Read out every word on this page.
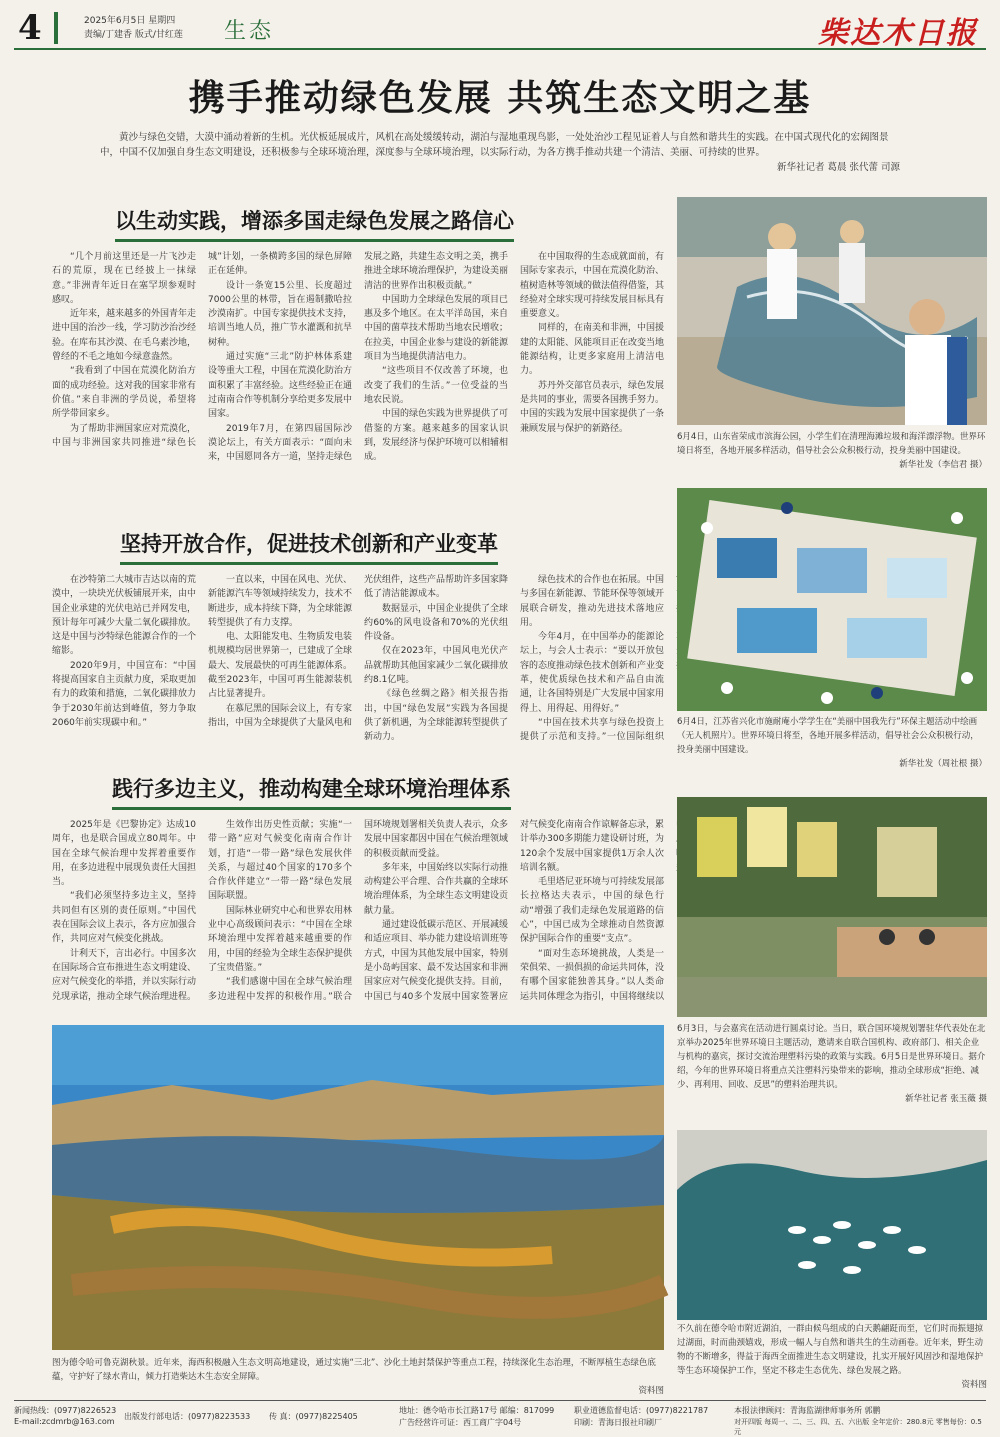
4	2025年6月5日 星期四
责编/丁建香 版式/甘红莲 生态	柴达木日报
携手推动绿色发展 共筑生态文明之基
黄沙与绿色交错，大漠中涌动着新的生机。光伏板延展成片，风机在高处缓缓转动，湖泊与湿地重现鸟影，一处处治沙工程见证着人与自然和谐共生的实践。在中国式现代化的宏阔图景中，中国不仅加强自身生态文明建设，还积极参与全球环境治理，深度参与全球环境治理，以实际行动，为各方携手推动共建一个清洁、美丽、可持续的世界。
新华社记者 葛晨 张代蕾 司源
以生动实践，增添多国走绿色发展之路信心

“几个月前这里还是一片飞沙走石的荒原，现在已经披上一抹绿意。”非洲青年近日在塞罕坝参观时感叹。

近年来，越来越多的外国青年走进中国的治沙一线，学习防沙治沙经验。在库布其沙漠、在毛乌素沙地，曾经的不毛之地如今绿意盎然。

“我看到了中国在荒漠化防治方面的成功经验。这对我的国家非常有价值。”来自非洲的学员说，希望将所学带回家乡。

为了帮助非洲国家应对荒漠化，中国与非洲国家共同推进“绿色长城”计划，一条横跨多国的绿色屏障正在延伸。

设计一条宽15公里、长度超过7000公里的林带，旨在遏制撒哈拉沙漠南扩。中国专家提供技术支持，培训当地人员，推广节水灌溉和抗旱树种。

通过实施“三北”防护林体系建设等重大工程，中国在荒漠化防治方面积累了丰富经验。这些经验正在通过南南合作等机制分享给更多发展中国家。

2019年7月，在第四届国际沙漠论坛上，有关方面表示：“面向未来，中国愿同各方一道，坚持走绿色发展之路，共建生态文明之美，携手推进全球环境治理保护，为建设美丽清洁的世界作出积极贡献。”

中国助力全球绿色发展的项目已惠及多个地区。在太平洋岛国，来自中国的菌草技术帮助当地农民增收；在拉美，中国企业参与建设的新能源项目为当地提供清洁电力。

“这些项目不仅改善了环境，也改变了我们的生活。”一位受益的当地农民说。

中国的绿色实践为世界提供了可借鉴的方案。越来越多的国家认识到，发展经济与保护环境可以相辅相成。

在中国取得的生态成就面前，有国际专家表示，中国在荒漠化防治、植树造林等领域的做法值得借鉴，其经验对全球实现可持续发展目标具有重要意义。

同样的，在南美和非洲，中国援建的太阳能、风能项目正在改变当地能源结构，让更多家庭用上清洁电力。

苏丹外交部官员表示，绿色发展是共同的事业，需要各国携手努力。中国的实践为发展中国家提供了一条兼顾发展与保护的新路径。

坚持开放合作，促进技术创新和产业变革

在沙特第二大城市吉达以南的荒漠中，一块块光伏板铺展开来，由中国企业承建的光伏电站已并网发电，预计每年可减少大量二氧化碳排放。这是中国与沙特绿色能源合作的一个缩影。

2020年9月，中国宣布：“中国将提高国家自主贡献力度，采取更加有力的政策和措施，二氧化碳排放力争于2030年前达到峰值，努力争取2060年前实现碳中和。”

一直以来，中国在风电、光伏、新能源汽车等领域持续发力，技术不断进步，成本持续下降，为全球能源转型提供了有力支撑。

电、太阳能发电、生物质发电装机规模均居世界第一，已建成了全球最大、发展最快的可再生能源体系。截至2023年，中国可再生能源装机占比显著提升。

在慕尼黑的国际会议上，有专家指出，中国为全球提供了大量风电和光伏组件，这些产品帮助许多国家降低了清洁能源成本。

数据显示，中国企业提供了全球约60%的风电设备和70%的光伏组件设备。

仅在2023年，中国风电光伏产品就帮助其他国家减少二氧化碳排放约8.1亿吨。

《绿色丝绸之路》相关报告指出，中国“绿色发展”实践为各国提供了新机遇，为全球能源转型提供了新动力。

绿色技术的合作也在拓展。中国与多国在新能源、节能环保等领域开展联合研发，推动先进技术落地应用。

今年4月，在中国举办的能源论坛上，与会人士表示：“要以开放包容的态度推动绿色技术创新和产业变革，使优质绿色技术和产品自由流通，让各国特别是广大发展中国家用得上、用得起、用得好。”

“中国在技术共享与绿色投资上提供了示范和支持。”一位国际组织

践行多边主义，推动构建全球环境治理体系

2025年是《巴黎协定》达成10周年，也是联合国成立80周年。中国在全球气候治理中发挥着重要作用，在多边进程中展现负责任大国担当。

“我们必须坚持多边主义，坚持共同但有区别的责任原则。”中国代表在国际会议上表示，各方应加强合作，共同应对气候变化挑战。

计利天下，言出必行。中国多次在国际场合宣布推进生态文明建设、应对气候变化的举措，并以实际行动兑现承诺，推动全球气候治理进程。

生效作出历史性贡献；实施“一带一路”应对气候变化南南合作计划，打造“一带一路”绿色发展伙伴关系，与超过40个国家的170多个合作伙伴建立“一带一路”绿色发展国际联盟。

国际林业研究中心和世界农用林业中心高级顾问表示：“中国在全球环境治理中发挥着越来越重要的作用，中国的经验为全球生态保护提供了宝贵借鉴。”

“我们感谢中国在全球气候治理多边进程中发挥的积极作用。”联合国环境规划署相关负责人表示，众多发展中国家都因中国在气候治理领域的积极贡献而受益。

多年来，中国始终以实际行动推动构建公平合理、合作共赢的全球环境治理体系，为全球生态文明建设贡献力量。

通过建设低碳示范区、开展减缓和适应项目、举办能力建设培训班等方式，中国为其他发展中国家，特别是小岛屿国家、最不发达国家和非洲国家应对气候变化提供支持。目前，中国已与40多个发展中国家签署应对气候变化南南合作谅解备忘录，累计举办300多期能力建设研讨班，为120余个发展中国家提供1万余人次培训名额。

毛里塔尼亚环境与可持续发展部长拉格达夫表示，中国的绿色行动“增强了我们走绿色发展道路的信心”，中国已成为全球推动自然资源保护国际合作的重要“支点”。

“面对生态环境挑战，人类是一荣俱荣、一损俱损的命运共同体，没有哪个国家能独善其身。”以人类命运共同体理念为指引，中国将继续以

6月4日，山东省荣成市滨海公园，小学生们在清理海滩垃圾和海洋漂浮物。世界环境日将至，各地开展多样活动，倡导社会公众积极行动，投身美丽中国建设。
新华社发（李信君 摄）
6月4日，江苏省兴化市施耐庵小学学生在“美丽中国我先行”环保主题活动中绘画（无人机照片）。世界环境日将至，各地开展多样活动，倡导社会公众积极行动，投身美丽中国建设。
新华社发（周社根 摄）
6月3日，与会嘉宾在活动进行圆桌讨论。当日，联合国环境规划署驻华代表处在北京举办2025年世界环境日主题活动，邀请来自联合国机构、政府部门、相关企业与机构的嘉宾，探讨交流治理塑料污染的政策与实践。6月5日是世界环境日。据介绍，今年的世界环境日将重点关注塑料污染带来的影响，推动全球形成“拒绝、减少、再利用、回收、反思”的塑料治理共识。
新华社记者 张玉薇 摄
不久前在德令哈市附近湖泊，一群由候鸟组成的白天鹅翩跹而至，它们时而振翅掠过湖面，时而曲颈嬉戏，形成一幅人与自然和谐共生的生动画卷。近年来，野生动物的不断增多，得益于海西全面推进生态文明建设，扎实开展好风固沙和湿地保护等生态环境保护工作，坚定不移走生态优先、绿色发展之路。
资料图
图为德令哈可鲁克湖秋景。近年来，海西积极融入生态文明高地建设，通过实施“三北”、沙化土地封禁保护等重点工程，持续深化生态治理，不断厚植生态绿色底蕴，守护好了绿水青山，倾力打造柴达木生态安全屏障。
资料图
新闻热线：(0977)8226523
E-mail:zcdmrb@163.com
出版发行部电话：(0977)8223533 传 真：(0977)8225405
地址：德令哈市长江路17号 邮编：817099
广告经营许可证：西工商广字04号
职业道德监督电话：(0977)8221787
印刷：青海日报社印刷厂
本报法律顾问：青海监湖律师事务所 郭鹏
对开四版 每周一、二、三、四、五、六出版 全年定价：280.8元 零售每份：0.5元
